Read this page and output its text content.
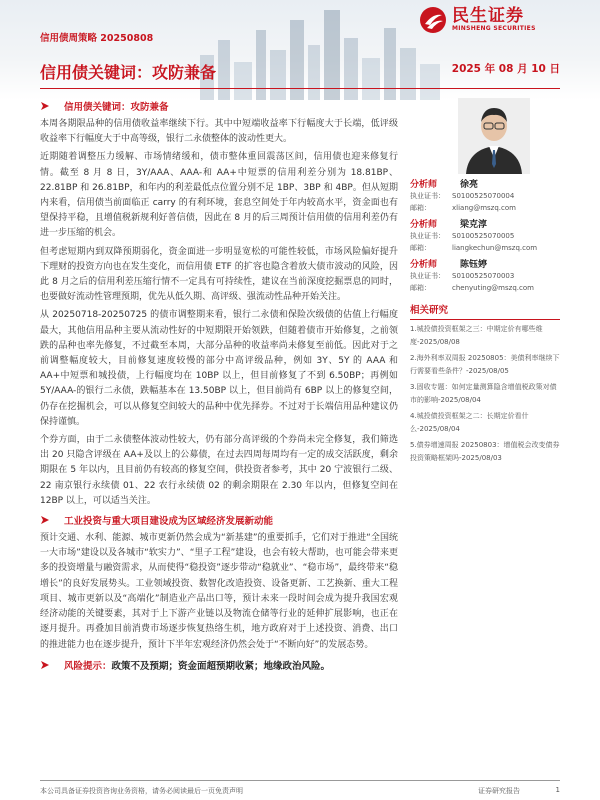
信用债周策略 20250808
信用债关键词：攻防兼备	2025 年 08 月 10 日
民生证券
MINSHENG SECURITIES
信用债关键词：攻防兼备

本周各期限品种的信用债收益率继续下行。其中中短端收益率下行幅度大于长端，低评级收益率下行幅度大于中高等级，银行二永债整体的波动性更大。

近期随着调整压力缓解、市场情绪缓和，债市整体重回震荡区间，信用债也迎来修复行情。截至 8 月 8 日，3Y/AAA、AAA-和 AA+中短票的信用利差分别为 18.81BP、22.81BP 和 26.81BP，和年内的利差最低点位置分别不足 1BP、3BP 和 4BP。但从短期内来看，信用债当前面临正 carry 的有利环境，套息空间处于年内较高水平，资金面也有望保持平稳，且增值税新规利好普信债，因此在 8 月的后三周预计信用债的信用利差仍有进一步压缩的机会。

但考虑短期内到双降预期弱化，资金面进一步明显宽松的可能性较低，市场风险偏好提升下理财的投资方向也在发生变化，而信用债 ETF 的扩容也隐含着放大债市波动的风险，因此 8 月之后的信用利差压缩行情不一定具有可持续性，建议在当前深度挖掘票息的同时，也要做好流动性管理预期，优先从低久期、高评级、强流动性品种开始关注。

从 20250718-20250725 的债市调整期来看，银行二永债和保险次级债的估值上行幅度最大，其他信用品种主要从流动性好的中短期限开始领跌，但随着债市开始修复，之前领跌的品种也率先修复，不过截至本周，大部分品种的收益率尚未修复至前低。因此对于之前调整幅度较大，目前修复速度较慢的部分中高评级品种，例如 3Y、5Y 的 AAA 和 AA+中短票和城投债，上行幅度均在 10BP 以上，但目前修复了不到 6.50BP；再例如 5Y/AAA-的银行二永债，跌幅基本在 13.50BP 以上，但目前尚有 6BP 以上的修复空间，仍存在挖掘机会，可以从修复空间较大的品种中优先择券。不过对于长端信用品种建议仍保持谨慎。

个券方面，由于二永债整体波动性较大，仍有部分高评级的个券尚未完全修复，我们筛选出 20 只隐含评级在 AA+及以上的公募债，在过去四周每周均有一定的成交活跃度，剩余期限在 5 年以内，且目前仍有较高的修复空间，供投资者参考，其中 20 宁波银行二级、22 南京银行永续债 01、22 农行永续债 02 的剩余期限在 2.30 年以内，但修复空间在 12BP 以上，可以适当关注。

工业投资与重大项目建设成为区域经济发展新动能

预计交通、水利、能源、城市更新仍然会成为“新基建”的重要抓手，它们对于推进“全国统一大市场”建设以及各城市“软实力”、“里子工程”建设，也会有较大帮助，也可能会带来更多的投资增量与融资需求，从而使得“稳投资”逐步带动“稳就业”、“稳市场”，最终带来“稳增长”的良好发展势头。工业领域投资、数智化改造投资、设备更新、工艺换新、重大工程项目、城市更新以及“高端化”制造业产品出口等，预计未来一段时间会成为提升我国宏观经济动能的关键要素，其对于上下游产业链以及物流仓储等行业的延伸扩展影响，也正在逐月提升。再叠加目前消费市场逐步恢复热络生机，地方政府对于上述投资、消费、出口的推进能力也在逐步提升，预计下半年宏观经济仍然会处于“不断向好”的发展态势。

风险提示： 政策不及预期；资金面超预期收紧；地缘政治风险。
分析师	徐亮
执业证书：	S0100525070004
邮箱：	xliang@mszq.com
分析师	梁克淳
执业证书：	S0100525070005
邮箱：	liangkechun@mszq.com
分析师	陈钰婷
执业证书：	S0100525070003
邮箱：	chenyuting@mszq.com
相关研究
1.城投债投资框架之三：中期定价有哪些维度-2025/08/08
2.海外利率双周报 20250805：美债利率继续下行需要看些条件？-2025/08/05
3.固收专题：如何定量测算隐含增值税政策对债市的影响-2025/08/04
4.城投债投资框架之二：长期定价看什么-2025/08/04
5.债券增速周报 20250803：增值税会改变债券投资策略框架吗-2025/08/03
本公司具备证券投资咨询业务资格，请务必阅读最后一页免责声明	证券研究报告	1
